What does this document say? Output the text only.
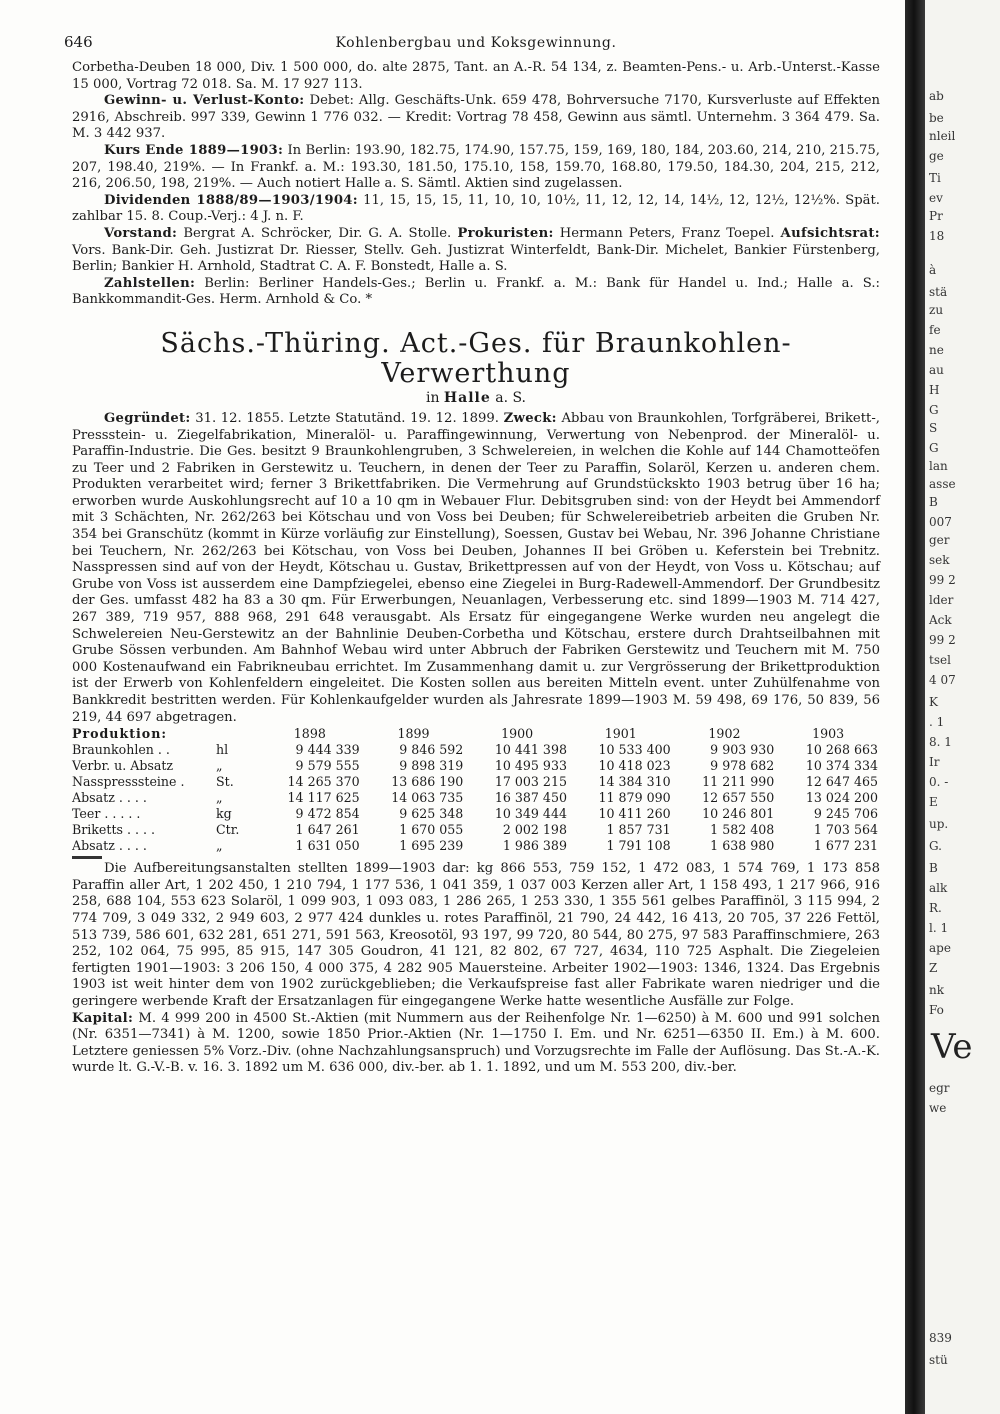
646	Kohlenbergbau und Koksgewinnung.

Corbetha-Deuben 18 000, Div. 1 500 000, do. alte 2875, Tant. an A.-R. 54 134, z. Beamten-Pens.- u. Arb.-Unterst.-Kasse 15 000, Vortrag 72 018. Sa. M. 17 927 113.

Gewinn- u. Verlust-Konto: Debet: Allg. Geschäfts-Unk. 659 478, Bohrversuche 7170, Kursverluste auf Effekten 2916, Abschreib. 997 339, Gewinn 1 776 032. — Kredit: Vortrag 78 458, Gewinn aus sämtl. Unternehm. 3 364 479. Sa. M. 3 442 937.

Kurs Ende 1889—1903: In Berlin: 193.90, 182.75, 174.90, 157.75, 159, 169, 180, 184, 203.60, 214, 210, 215.75, 207, 198.40, 219%. — In Frankf. a. M.: 193.30, 181.50, 175.10, 158, 159.70, 168.80, 179.50, 184.30, 204, 215, 212, 216, 206.50, 198, 219%. — Auch notiert Halle a. S. Sämtl. Aktien sind zugelassen.

Dividenden 1888/89—1903/1904: 11, 15, 15, 15, 11, 10, 10, 10½, 11, 12, 12, 14, 14½, 12, 12½, 12½%. Spät. zahlbar 15. 8. Coup.-Verj.: 4 J. n. F.

Vorstand: Bergrat A. Schröcker, Dir. G. A. Stolle. Prokuristen: Hermann Peters, Franz Toepel. Aufsichtsrat: Vors. Bank-Dir. Geh. Justizrat Dr. Riesser, Stellv. Geh. Justizrat Winterfeldt, Bank-Dir. Michelet, Bankier Fürstenberg, Berlin; Bankier H. Arnhold, Stadtrat C. A. F. Bonstedt, Halle a. S.

Zahlstellen: Berlin: Berliner Handels-Ges.; Berlin u. Frankf. a. M.: Bank für Handel u. Ind.; Halle a. S.: Bankkommandit-Ges. Herm. Arnhold & Co. *

Sächs.-Thüring. Act.-Ges. für Braunkohlen-Verwerthung
in Halle a. S.

Gegründet: 31. 12. 1855. Letzte Statutänd. 19. 12. 1899. Zweck: Abbau von Braunkohlen, Torfgräberei, Brikett-, Pressstein- u. Ziegelfabrikation, Mineralöl- u. Paraffingewinnung, Verwertung von Nebenprod. der Mineralöl- u. Paraffin-Industrie. Die Ges. besitzt 9 Braunkohlengruben, 3 Schwelereien, in welchen die Kohle auf 144 Chamotteöfen zu Teer und 2 Fabriken in Gerstewitz u. Teuchern, in denen der Teer zu Paraffin, Solaröl, Kerzen u. anderen chem. Produkten verarbeitet wird; ferner 3 Brikettfabriken. Die Vermehrung auf Grundstückskto 1903 betrug über 16 ha; erworben wurde Auskohlungsrecht auf 10 a 10 qm in Webauer Flur. Debitsgruben sind: von der Heydt bei Ammendorf mit 3 Schächten, Nr. 262/263 bei Kötschau und von Voss bei Deuben; für Schwelereibetrieb arbeiten die Gruben Nr. 354 bei Granschütz (kommt in Kürze vorläufig zur Einstellung), Soessen, Gustav bei Webau, Nr. 396 Johanne Christiane bei Teuchern, Nr. 262/263 bei Kötschau, von Voss bei Deuben, Johannes II bei Gröben u. Keferstein bei Trebnitz. Nasspressen sind auf von der Heydt, Kötschau u. Gustav, Brikettpressen auf von der Heydt, von Voss u. Kötschau; auf Grube von Voss ist ausserdem eine Dampfziegelei, ebenso eine Ziegelei in Burg-Radewell-Ammendorf. Der Grundbesitz der Ges. umfasst 482 ha 83 a 30 qm. Für Erwerbungen, Neuanlagen, Verbesserung etc. sind 1899—1903 M. 714 427, 267 389, 719 957, 888 968, 291 648 verausgabt. Als Ersatz für eingegangene Werke wurden neu angelegt die Schwelereien Neu-Gerstewitz an der Bahnlinie Deuben-Corbetha und Kötschau, erstere durch Drahtseilbahnen mit Grube Sössen verbunden. Am Bahnhof Webau wird unter Abbruch der Fabriken Gerstewitz und Teuchern mit M. 750 000 Kostenaufwand ein Fabrikneubau errichtet. Im Zusammenhang damit u. zur Vergrösserung der Brikettproduktion ist der Erwerb von Kohlenfeldern eingeleitet. Die Kosten sollen aus bereiten Mitteln event. unter Zuhülfenahme von Bankkredit bestritten werden. Für Kohlenkaufgelder wurden als Jahresrate 1899—1903 M. 59 498, 69 176, 50 839, 56 219, 44 697 abgetragen.

Produktion:		1898	1899	1900	1901	1902	1903
Braunkohlen . .	hl	9 444 339	9 846 592	10 441 398	10 533 400	9 903 930	10 268 663
Verbr. u. Absatz	„	9 579 555	9 898 319	10 495 933	10 418 023	9 978 682	10 374 334
Nasspresssteine .	St.	14 265 370	13 686 190	17 003 215	14 384 310	11 211 990	12 647 465
Absatz . . . .	„	14 117 625	14 063 735	16 387 450	11 879 090	12 657 550	13 024 200
Teer . . . . .	kg	9 472 854	9 625 348	10 349 444	10 411 260	10 246 801	9 245 706
Briketts . . . .	Ctr.	1 647 261	1 670 055	2 002 198	1 857 731	1 582 408	1 703 564
Absatz . . . .	„	1 631 050	1 695 239	1 986 389	1 791 108	1 638 980	1 677 231

Die Aufbereitungsanstalten stellten 1899—1903 dar: kg 866 553, 759 152, 1 472 083, 1 574 769, 1 173 858 Paraffin aller Art, 1 202 450, 1 210 794, 1 177 536, 1 041 359, 1 037 003 Kerzen aller Art, 1 158 493, 1 217 966, 916 258, 688 104, 553 623 Solaröl, 1 099 903, 1 093 083, 1 286 265, 1 253 330, 1 355 561 gelbes Paraffinöl, 3 115 994, 2 774 709, 3 049 332, 2 949 603, 2 977 424 dunkles u. rotes Paraffinöl, 21 790, 24 442, 16 413, 20 705, 37 226 Fettöl, 513 739, 586 601, 632 281, 651 271, 591 563, Kreosotöl, 93 197, 99 720, 80 544, 80 275, 97 583 Paraffinschmiere, 263 252, 102 064, 75 995, 85 915, 147 305 Goudron, 41 121, 82 802, 67 727, 4634, 110 725 Asphalt. Die Ziegeleien fertigten 1901—1903: 3 206 150, 4 000 375, 4 282 905 Mauersteine. Arbeiter 1902—1903: 1346, 1324. Das Ergebnis 1903 ist weit hinter dem von 1902 zurückgeblieben; die Verkaufspreise fast aller Fabrikate waren niedriger und die geringere werbende Kraft der Ersatzanlagen für eingegangene Werke hatte wesentliche Ausfälle zur Folge.

Kapital: M. 4 999 200 in 4500 St.-Aktien (mit Nummern aus der Reihenfolge Nr. 1—6250) à M. 600 und 991 solchen (Nr. 6351—7341) à M. 1200, sowie 1850 Prior.-Aktien (Nr. 1—1750 I. Em. und Nr. 6251—6350 II. Em.) à M. 600. Letztere geniessen 5% Vorz.-Div. (ohne Nachzahlungsanspruch) und Vorzugsrechte im Falle der Auflösung. Das St.-A.-K. wurde lt. G.-V.-B. v. 16. 3. 1892 um M. 636 000, div.-ber. ab 1. 1. 1892, und um M. 553 200, div.-ber.

ab
be
nleil
ge
Ti
ev
Pr
18
à
stä
zu
fe
ne
au
H
G
S
G
lan
asse
B
007
ger
sek
99 2
lder
Ack
99 2
tsel
4 07
K
. 1
8. 1
Ir
0. -
E
up.
G.
B
alk
R.
l. 1
ape
Z
nk
Fo
Ve
egr
we
839
stü
